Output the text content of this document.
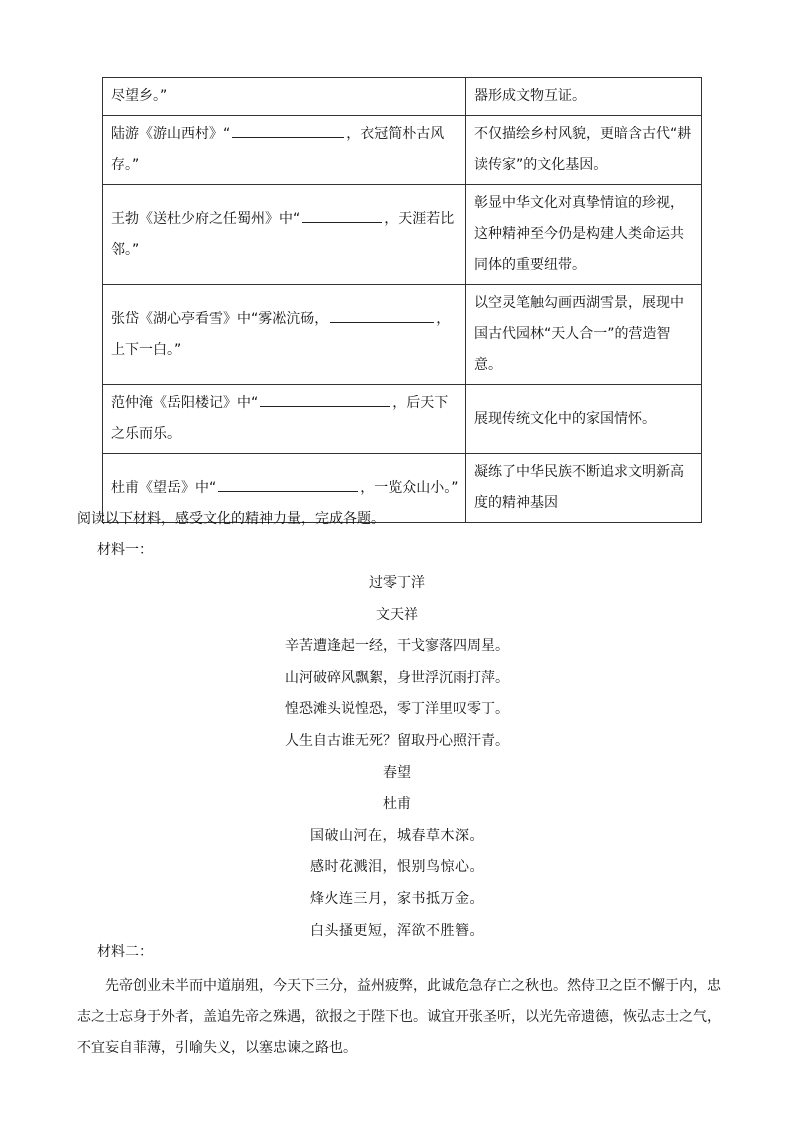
尽望乡。”	器形成文物互证。
陆游《游山西村》“ ，衣冠简朴古风存。”	不仅描绘乡村风貌，更暗含古代“耕读传家”的文化基因。
王勃《送杜少府之任蜀州》中“ ，天涯若比邻。”	彰显中华文化对真挚情谊的珍视，这种精神至今仍是构建人类命运共同体的重要纽带。
张岱《湖心亭看雪》中“雾凇沆砀， ，上下一白。”	以空灵笔触勾画西湖雪景，展现中国古代园林“天人合一”的营造智意。
范仲淹《岳阳楼记》中“ ，后天下之乐而乐。	展现传统文化中的家国情怀。
杜甫《望岳》中“ ，一览众山小。”	凝练了中华民族不断追求文明新高度的精神基因
阅读以下材料，感受文化的精神力量，完成各题。
材料一：
过零丁洋
文天祥
辛苦遭逢起一经，干戈寥落四周星。
山河破碎风飘絮，身世浮沉雨打萍。
惶恐滩头说惶恐，零丁洋里叹零丁。
人生自古谁无死？留取丹心照汗青。
春望
杜甫
国破山河在，城春草木深。
感时花溅泪，恨别鸟惊心。
烽火连三月，家书抵万金。
白头搔更短，浑欲不胜簪。
材料二：
先帝创业未半而中道崩殂，今天下三分，益州疲弊，此诚危急存亡之秋也。然侍卫之臣不懈于内，忠志之士忘身于外者，盖追先帝之殊遇，欲报之于陛下也。诚宜开张圣听，以光先帝遗德，恢弘志士之气，不宜妄自菲薄，引喻失义，以塞忠谏之路也。
